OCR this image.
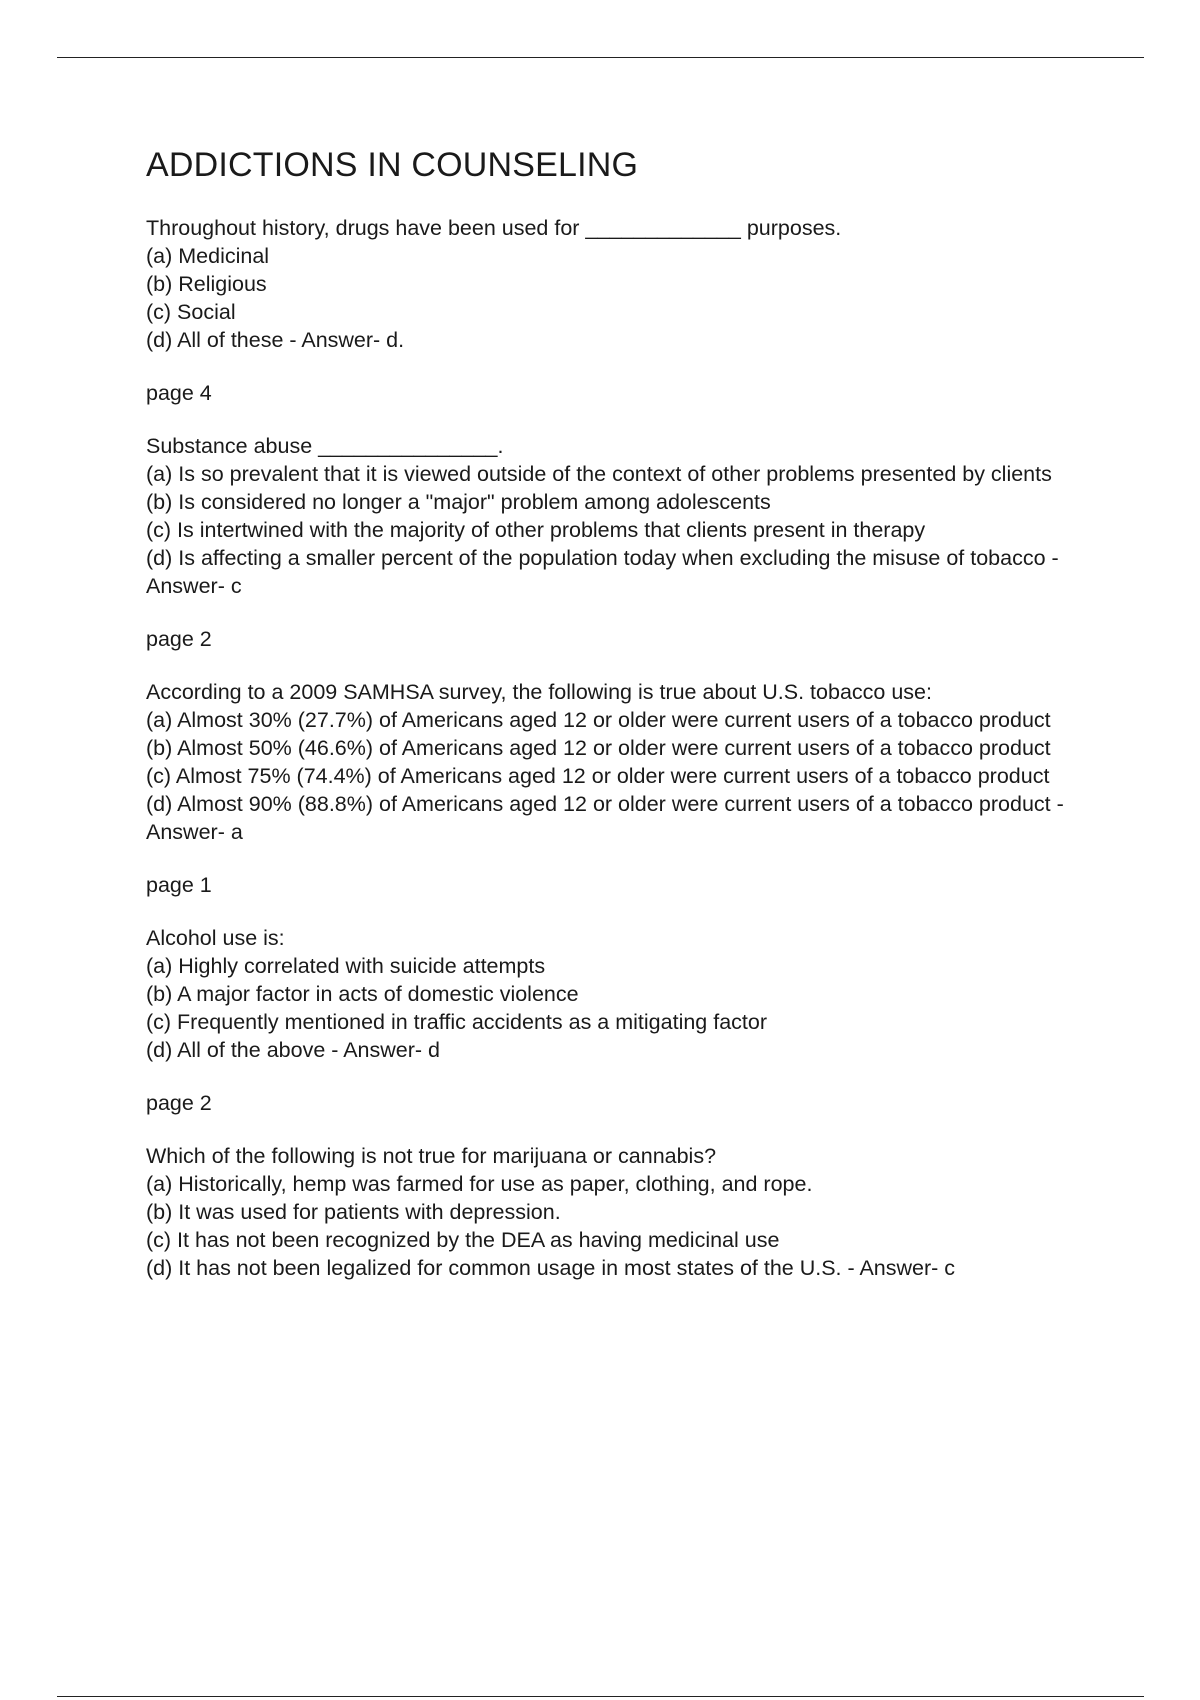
ADDICTIONS IN COUNSELING

Throughout history, drugs have been used for _____________ purposes.

(a) Medicinal

(b) Religious

(c) Social

(d) All of these - Answer- d.

page 4

Substance abuse _______________.

(a) Is so prevalent that it is viewed outside of the context of other problems presented by clients

(b) Is considered no longer a "major" problem among adolescents

(c) Is intertwined with the majority of other problems that clients present in therapy

(d) Is affecting a smaller percent of the population today when excluding the misuse of tobacco - Answer- c

page 2

According to a 2009 SAMHSA survey, the following is true about U.S. tobacco use:

(a) Almost 30% (27.7%) of Americans aged 12 or older were current users of a tobacco product

(b) Almost 50% (46.6%) of Americans aged 12 or older were current users of a tobacco product

(c) Almost 75% (74.4%) of Americans aged 12 or older were current users of a tobacco product

(d) Almost 90% (88.8%) of Americans aged 12 or older were current users of a tobacco product - Answer- a

page 1

Alcohol use is:

(a) Highly correlated with suicide attempts

(b) A major factor in acts of domestic violence

(c) Frequently mentioned in traffic accidents as a mitigating factor

(d) All of the above - Answer- d

page 2

Which of the following is not true for marijuana or cannabis?

(a) Historically, hemp was farmed for use as paper, clothing, and rope.

(b) It was used for patients with depression.

(c) It has not been recognized by the DEA as having medicinal use

(d) It has not been legalized for common usage in most states of the U.S. - Answer- c
